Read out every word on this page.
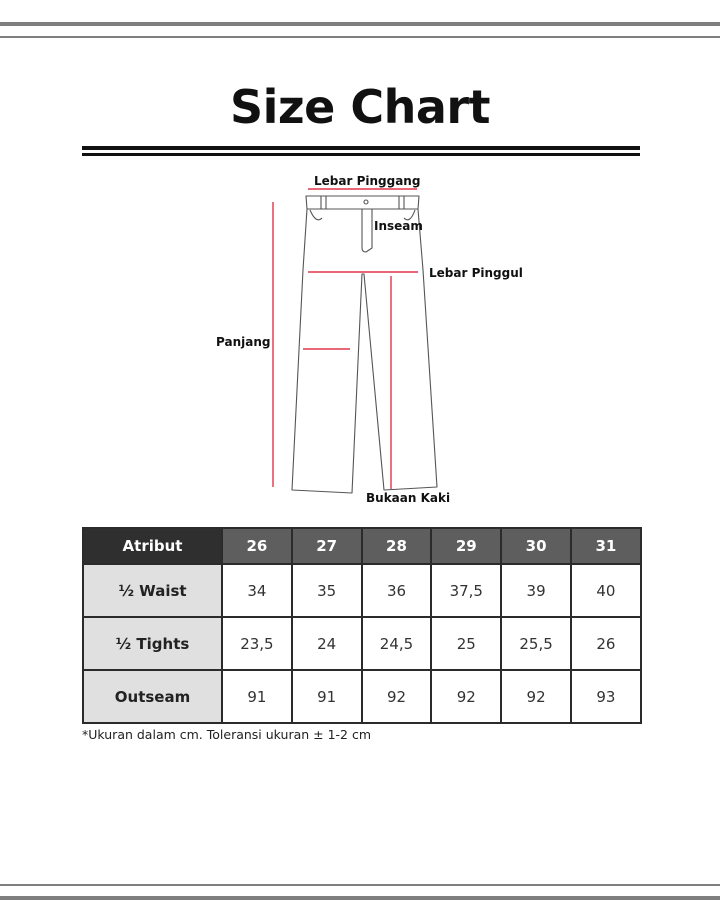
Size Chart
Lebar Pinggang
Inseam
Lebar Pinggul
Panjang
Bukaan Kaki
Atribut	26	27	28	29	30	31
½ Waist	34	35	36	37,5	39	40
½ Tights	23,5	24	24,5	25	25,5	26
Outseam	91	91	92	92	92	93
*Ukuran dalam cm. Toleransi ukuran ± 1-2 cm
